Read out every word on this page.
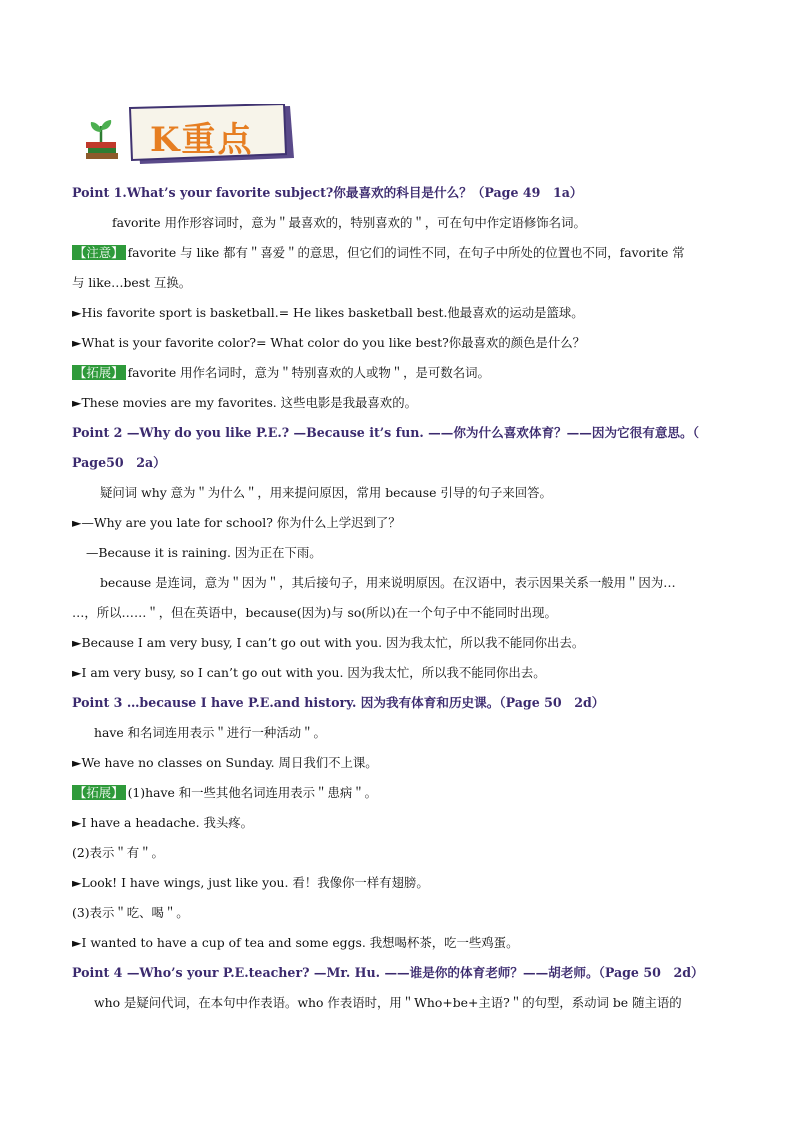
K重点
Point 1.What’s your favorite subject?你最喜欢的科目是什么？（Page 49　1a）
favorite 用作形容词时，意为＂最喜欢的，特别喜欢的＂，可在句中作定语修饰名词。
【注意】 favorite 与 like 都有＂喜爱＂的意思，但它们的词性不同，在句子中所处的位置也不同，favorite 常
与 like…best 互换。
►His favorite sport is basketball.= He likes basketball best.他最喜欢的运动是篮球。
►What is your favorite color?= What color do you like best?你最喜欢的颜色是什么？
【拓展】 favorite 用作名词时，意为＂特别喜欢的人或物＂，是可数名词。
►These movies are my favorites. 这些电影是我最喜欢的。
Point 2 —Why do you like P.E.? —Because it’s fun. ——你为什么喜欢体育？——因为它很有意思。（
Page50　2a）
疑问词 why 意为＂为什么＂，用来提问原因，常用 because 引导的句子来回答。
►—Why are you late for school? 你为什么上学迟到了？
—Because it is raining. 因为正在下雨。
because 是连词，意为＂因为＂，其后接句子，用来说明原因。在汉语中，表示因果关系一般用＂因为…
…，所以……＂，但在英语中，because(因为)与 so(所以)在一个句子中不能同时出现。
►Because I am very busy, I can’t go out with you. 因为我太忙，所以我不能同你出去。
►I am very busy, so I can’t go out with you. 因为我太忙，所以我不能同你出去。
Point 3 …because I have P.E.and history. 因为我有体育和历史课。（Page 50　2d）
have 和名词连用表示＂进行一种活动＂。
►We have no classes on Sunday. 周日我们不上课。
【拓展】 (1)have 和一些其他名词连用表示＂患病＂。
►I have a headache. 我头疼。
(2)表示＂有＂。
►Look! I have wings, just like you. 看！我像你一样有翅膀。
(3)表示＂吃、喝＂。
►I wanted to have a cup of tea and some eggs. 我想喝杯茶，吃一些鸡蛋。
Point 4 —Who’s your P.E.teacher? —Mr. Hu. ——谁是你的体育老师？——胡老师。（Page 50　2d）
who 是疑问代词，在本句中作表语。who 作表语时，用＂Who+be+主语?＂的句型，系动词 be 随主语的
